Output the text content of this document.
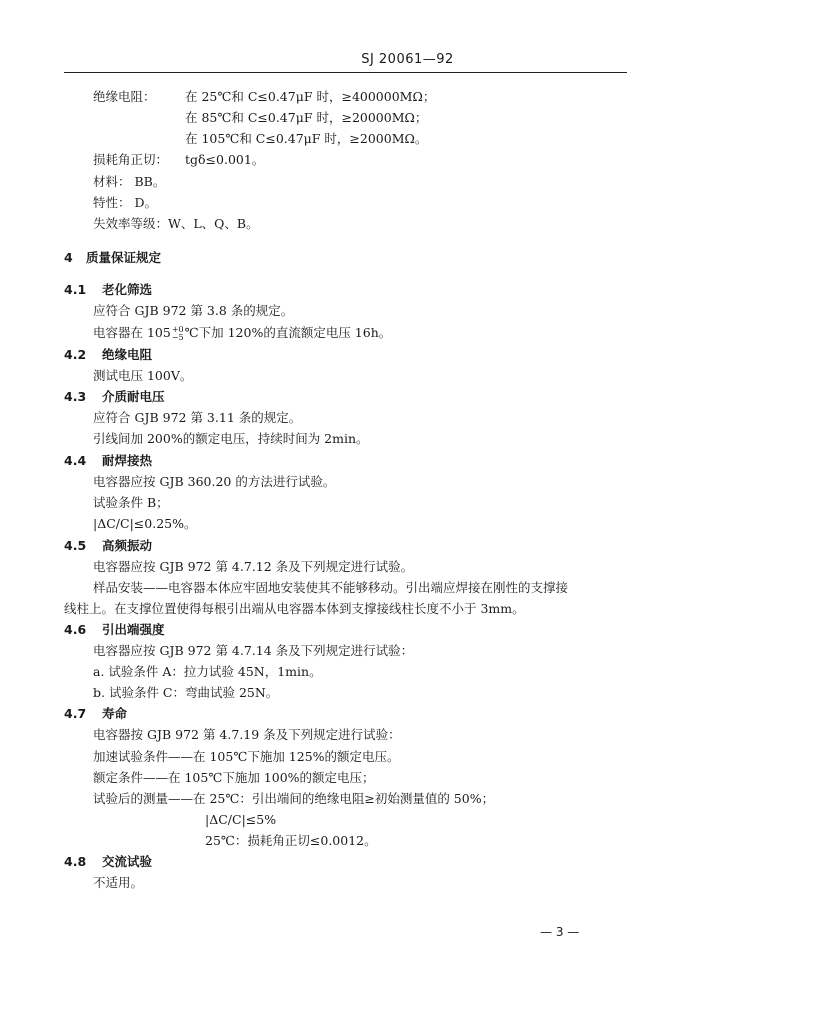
SJ 20061—92
绝缘电阻： 在 25℃和 C≤0.47μF 时，≥400000MΩ；
在 85℃和 C≤0.47μF 时，≥20000MΩ；
在 105℃和 C≤0.47μF 时，≥2000MΩ。
损耗角正切： tgδ≤0.001。
材料： BB。
特性： D。
失效率等级：W、L、Q、B。
4 质量保证规定
4.1 老化筛选
应符合 GJB 972 第 3.8 条的规定。
电容器在 105+0
−5℃下加 120%的直流额定电压 16h。
4.2 绝缘电阻
测试电压 100V。
4.3 介质耐电压
应符合 GJB 972 第 3.11 条的规定。
引线间加 200%的额定电压，持续时间为 2min。
4.4 耐焊接热
电容器应按 GJB 360.20 的方法进行试验。
试验条件 B；
|ΔC/C|≤0.25%。
4.5 高频振动
电容器应按 GJB 972 第 4.7.12 条及下列规定进行试验。
样品安装——电容器本体应牢固地安装使其不能够移动。引出端应焊接在刚性的支撑接
线柱上。在支撑位置使得每根引出端从电容器本体到支撑接线柱长度不小于 3mm。
4.6 引出端强度
电容器应按 GJB 972 第 4.7.14 条及下列规定进行试验：
a. 试验条件 A：拉力试验 45N，1min。
b. 试验条件 C：弯曲试验 25N。
4.7 寿命
电容器按 GJB 972 第 4.7.19 条及下列规定进行试验：
加速试验条件——在 105℃下施加 125%的额定电压。
额定条件——在 105℃下施加 100%的额定电压；
试验后的测量——在 25℃：引出端间的绝缘电阻≥初始测量值的 50%；
|ΔC/C|≤5%
25℃：损耗角正切≤0.0012。
4.8 交流试验
不适用。
— 3 —
